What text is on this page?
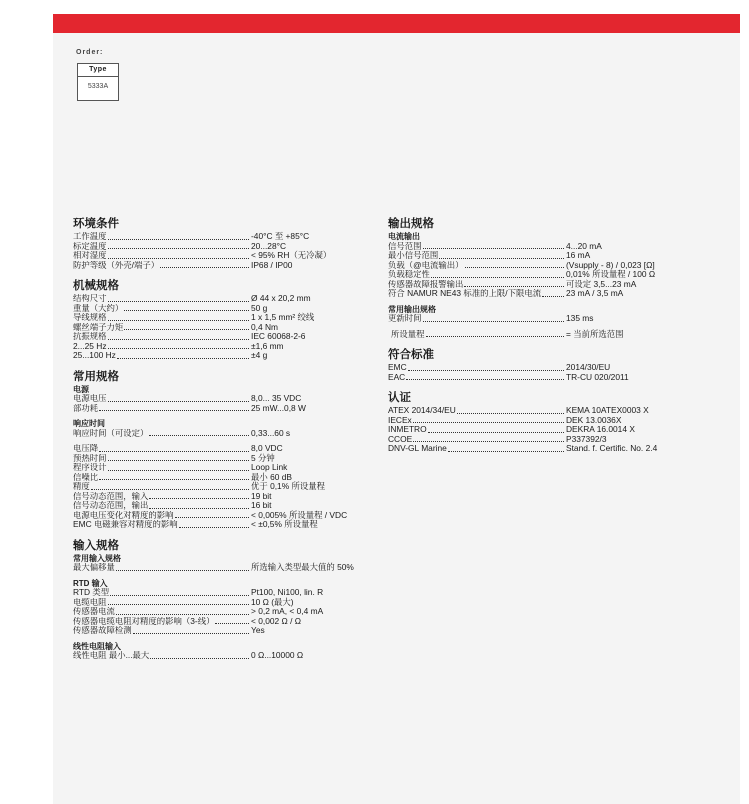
Order:
Type
5333A
环境条件
工作温度	-40°C 至 +85°C
标定温度	20...28°C
相对湿度	< 95% RH（无冷凝）
防护等级（外壳/端子）	IP68 / IP00
机械规格
结构尺寸	Ø 44 x 20,2 mm
重量（大约）	50 g
导线规格	1 x 1,5 mm² 绞线
螺丝端子力矩	0,4 Nm
抗振规格	IEC 60068-2-6
2...25 Hz	±1,6 mm
25...100 Hz	±4 g
常用规格
电源
电源电压	8,0... 35 VDC
部功耗	25 mW...0,8 W
响应时间
响应时间（可设定）	0,33...60 s
电压降	8,0 VDC
预热时间	5 分钟
程序设计	Loop Link
信噪比	最小 60 dB
精度	优于 0,1% 所设量程
信号动态范围，输入	19 bit
信号动态范围，输出	16 bit
电源电压变化对精度的影响	< 0,005% 所设量程 / VDC
EMC 电磁兼容对精度的影响	< ±0,5% 所设量程
输入规格
常用输入规格
最大偏移量	所选输入类型最大值的 50%
RTD 输入
RTD 类型	Pt100, Ni100, lin. R
电缆电阻	10 Ω (最大)
传感器电流	> 0,2 mA, < 0,4 mA
传感器电缆电阻对精度的影响（3-线）	< 0,002 Ω / Ω
传感器故障检测	Yes
线性电阻输入
线性电阻 最小...最大	0 Ω...10000 Ω
输出规格
电流输出
信号范围	4...20 mA
最小信号范围	16 mA
负载（@电流输出）	(Vsupply - 8) / 0,023 [Ω]
负载稳定性	0,01% 所设量程 / 100 Ω
传感器故障报警输出	可设定 3,5...23 mA
符合 NAMUR NE43 标准的上限/下限电流	23 mA / 3,5 mA
常用输出规格
更新时间	135 ms
所设量程	= 当前所选范围
符合标准
EMC	2014/30/EU
EAC	TR-CU 020/2011
认证
ATEX 2014/34/EU	KEMA 10ATEX0003 X
IECEx	DEK 13.0036X
INMETRO	DEKRA 16.0014 X
CCOE	P337392/3
DNV-GL Marine	Stand. f. Certific. No. 2.4
